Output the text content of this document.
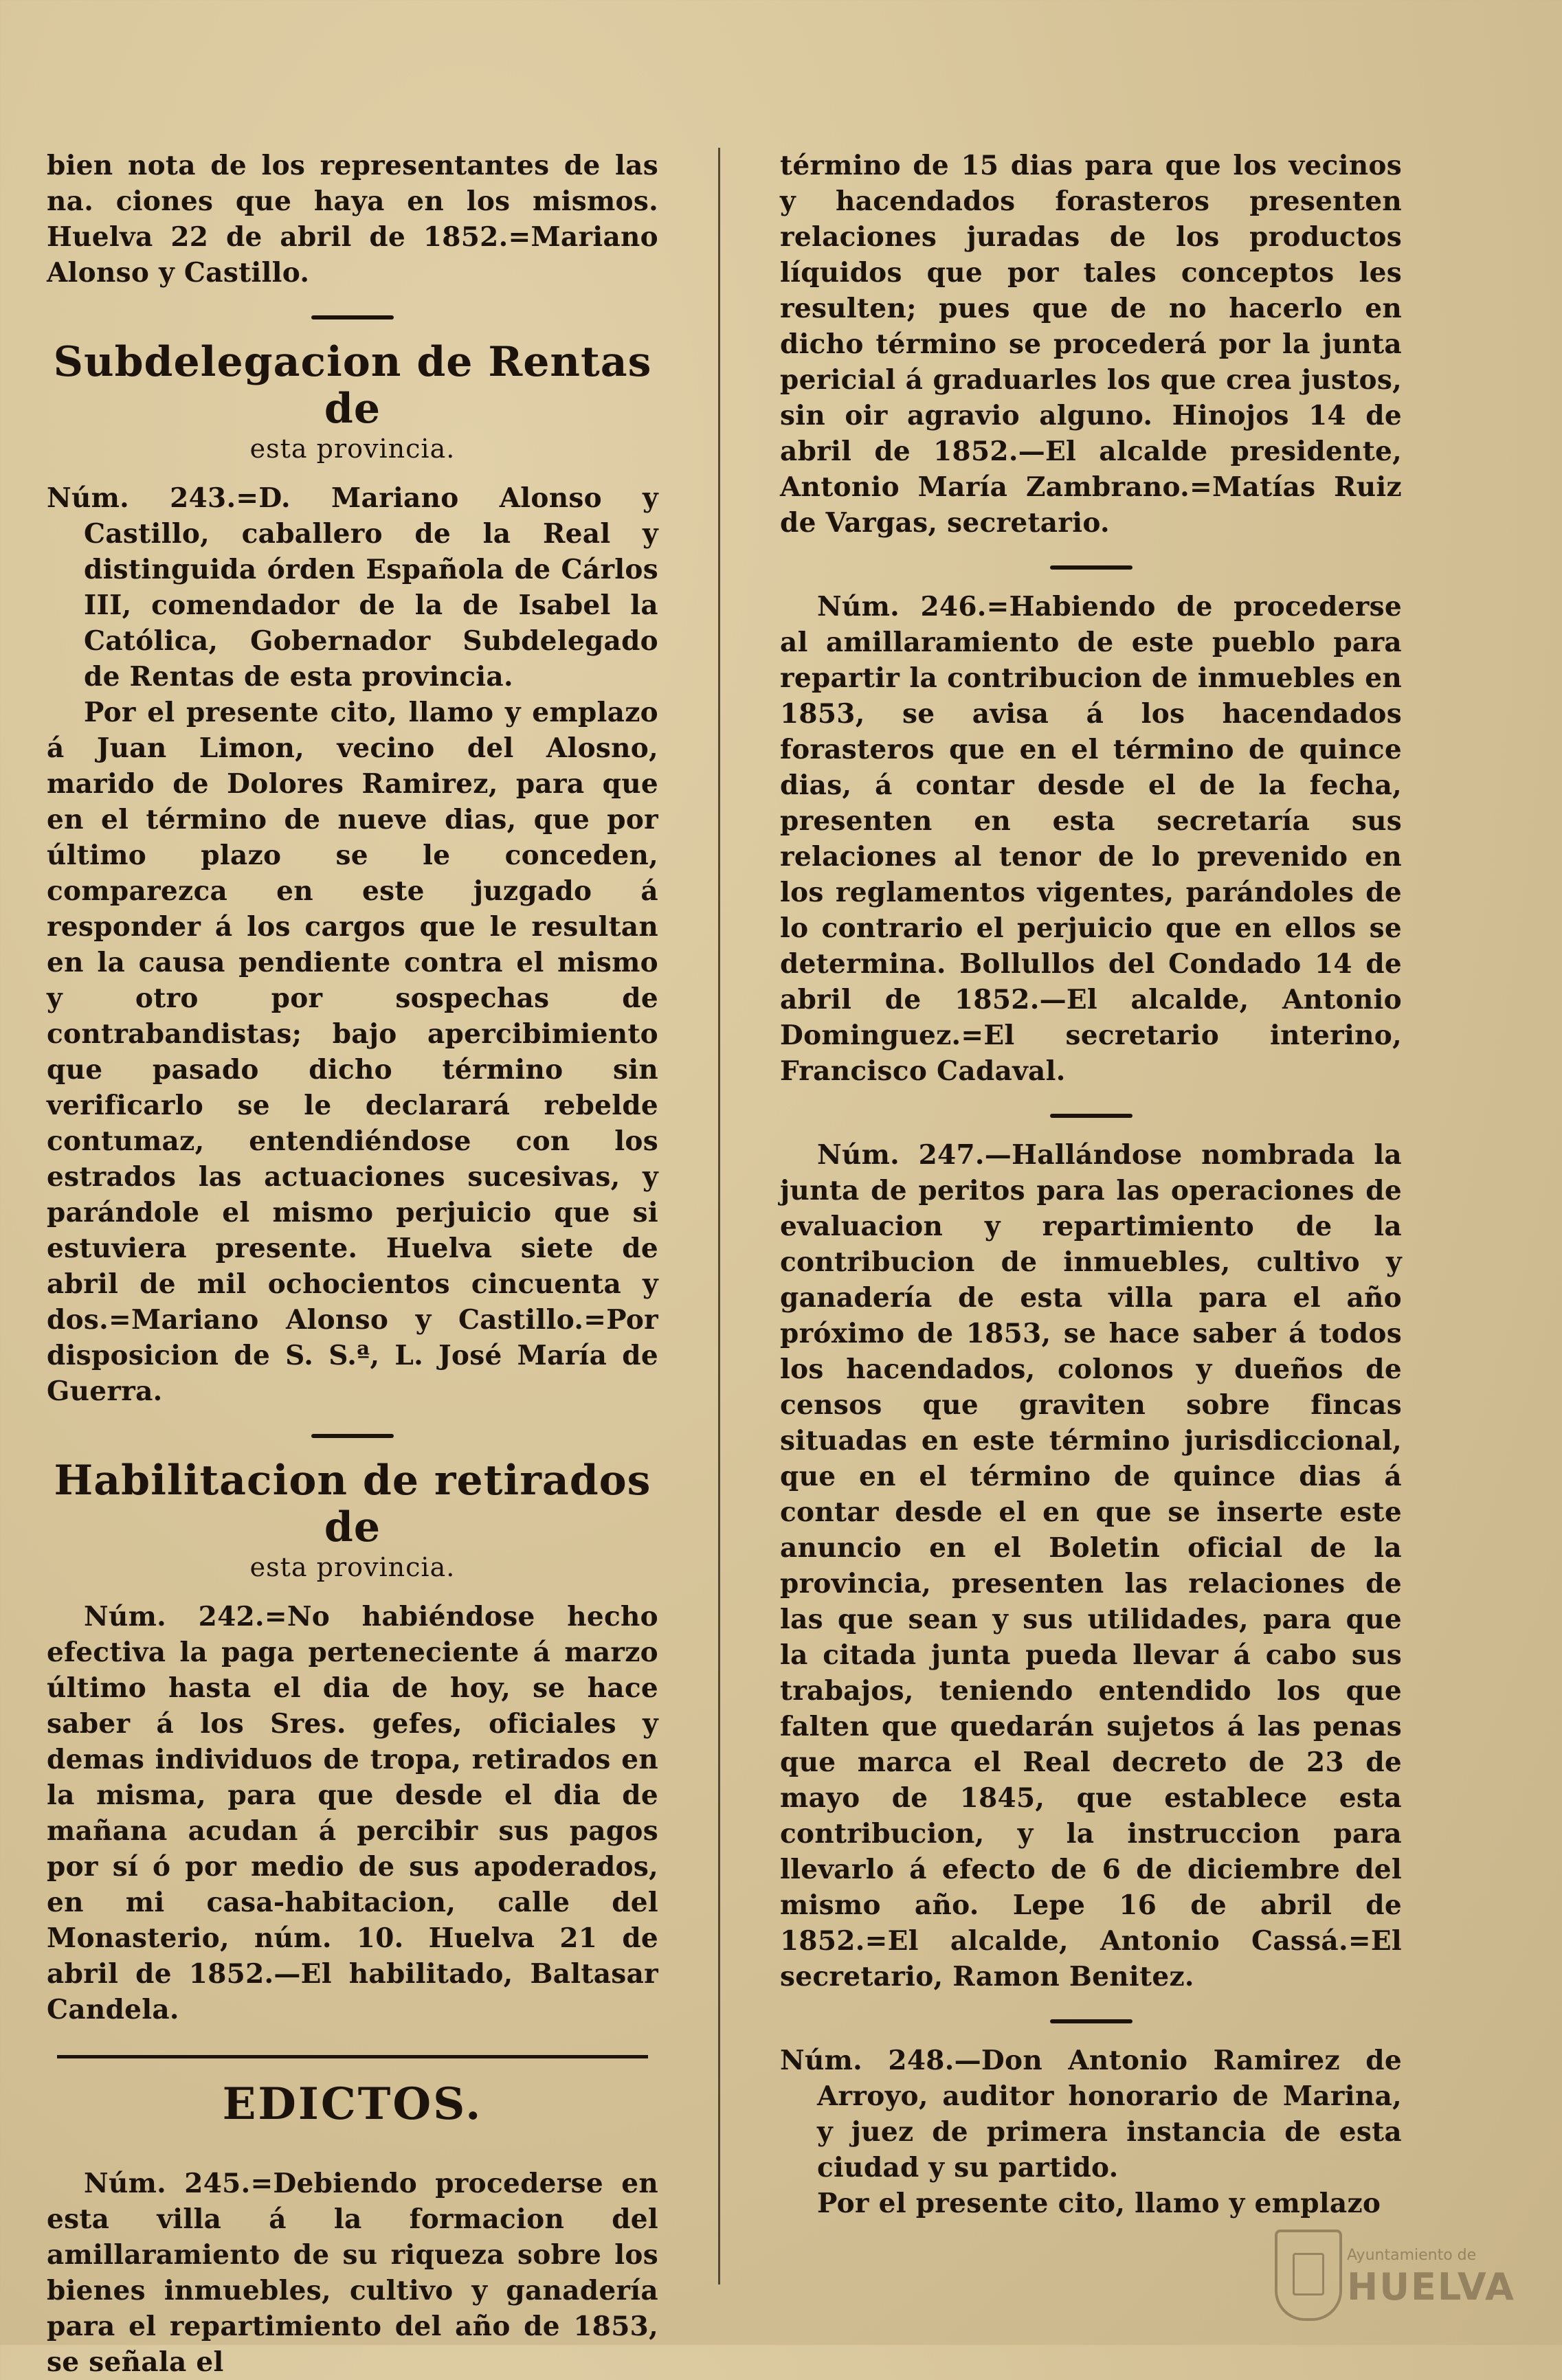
bien nota de los representantes de las na. ciones que haya en los mismos. Huelva 22 de abril de 1852.=Mariano Alonso y Castillo.

Subdelegacion de Rentas de
esta provincia.

Núm. 243.=D. Mariano Alonso y Castillo, caballero de la Real y distinguida órden Española de Cárlos III, comendador de la de Isabel la Católica, Gobernador Subdelegado de Rentas de esta provincia.

Por el presente cito, llamo y emplazo á Juan Limon, vecino del Alosno, marido de Dolores Ramirez, para que en el término de nueve dias, que por último plazo se le conceden, comparezca en este juzgado á responder á los cargos que le resultan en la causa pendiente contra el mismo y otro por sospechas de contrabandistas; bajo apercibimiento que pasado dicho término sin verificarlo se le declarará rebelde contumaz, entendiéndose con los estrados las actuaciones sucesivas, y parándole el mismo perjuicio que si estuviera presente. Huelva siete de abril de mil ochocientos cincuenta y dos.=Mariano Alonso y Castillo.=Por disposicion de S. S.ª, L. José María de Guerra.

Habilitacion de retirados de
esta provincia.

Núm. 242.=No habiéndose hecho efectiva la paga perteneciente á marzo último hasta el dia de hoy, se hace saber á los Sres. gefes, oficiales y demas individuos de tropa, retirados en la misma, para que desde el dia de mañana acudan á percibir sus pagos por sí ó por medio de sus apoderados, en mi casa-habitacion, calle del Monasterio, núm. 10. Huelva 21 de abril de 1852.—El habilitado, Baltasar Candela.

EDICTOS.

Núm. 245.=Debiendo procederse en esta villa á la formacion del amillaramiento de su riqueza sobre los bienes inmuebles, cultivo y ganadería para el repartimiento del año de 1853, se señala el

término de 15 dias para que los vecinos y hacendados forasteros presenten relaciones juradas de los productos líquidos que por tales conceptos les resulten; pues que de no hacerlo en dicho término se procederá por la junta pericial á graduarles los que crea justos, sin oir agravio alguno. Hinojos 14 de abril de 1852.—El alcalde presidente, Antonio María Zambrano.=Matías Ruiz de Vargas, secretario.

Núm. 246.=Habiendo de procederse al amillaramiento de este pueblo para repartir la contribucion de inmuebles en 1853, se avisa á los hacendados forasteros que en el término de quince dias, á contar desde el de la fecha, presenten en esta secretaría sus relaciones al tenor de lo prevenido en los reglamentos vigentes, parándoles de lo contrario el perjuicio que en ellos se determina. Bollullos del Condado 14 de abril de 1852.—El alcalde, Antonio Dominguez.=El secretario interino, Francisco Cadaval.

Núm. 247.—Hallándose nombrada la junta de peritos para las operaciones de evaluacion y repartimiento de la contribucion de inmuebles, cultivo y ganadería de esta villa para el año próximo de 1853, se hace saber á todos los hacendados, colonos y dueños de censos que graviten sobre fincas situadas en este término jurisdiccional, que en el término de quince dias á contar desde el en que se inserte este anuncio en el Boletin oficial de la provincia, presenten las relaciones de las que sean y sus utilidades, para que la citada junta pueda llevar á cabo sus trabajos, teniendo entendido los que falten que quedarán sujetos á las penas que marca el Real decreto de 23 de mayo de 1845, que establece esta contribucion, y la instruccion para llevarlo á efecto de 6 de diciembre del mismo año. Lepe 16 de abril de 1852.=El alcalde, Antonio Cassá.=El secretario, Ramon Benitez.

Núm. 248.—Don Antonio Ramirez de Arroyo, auditor honorario de Marina, y juez de primera instancia de esta ciudad y su partido.

Por el presente cito, llamo y emplazo

Ayuntamiento de
HUELVA
